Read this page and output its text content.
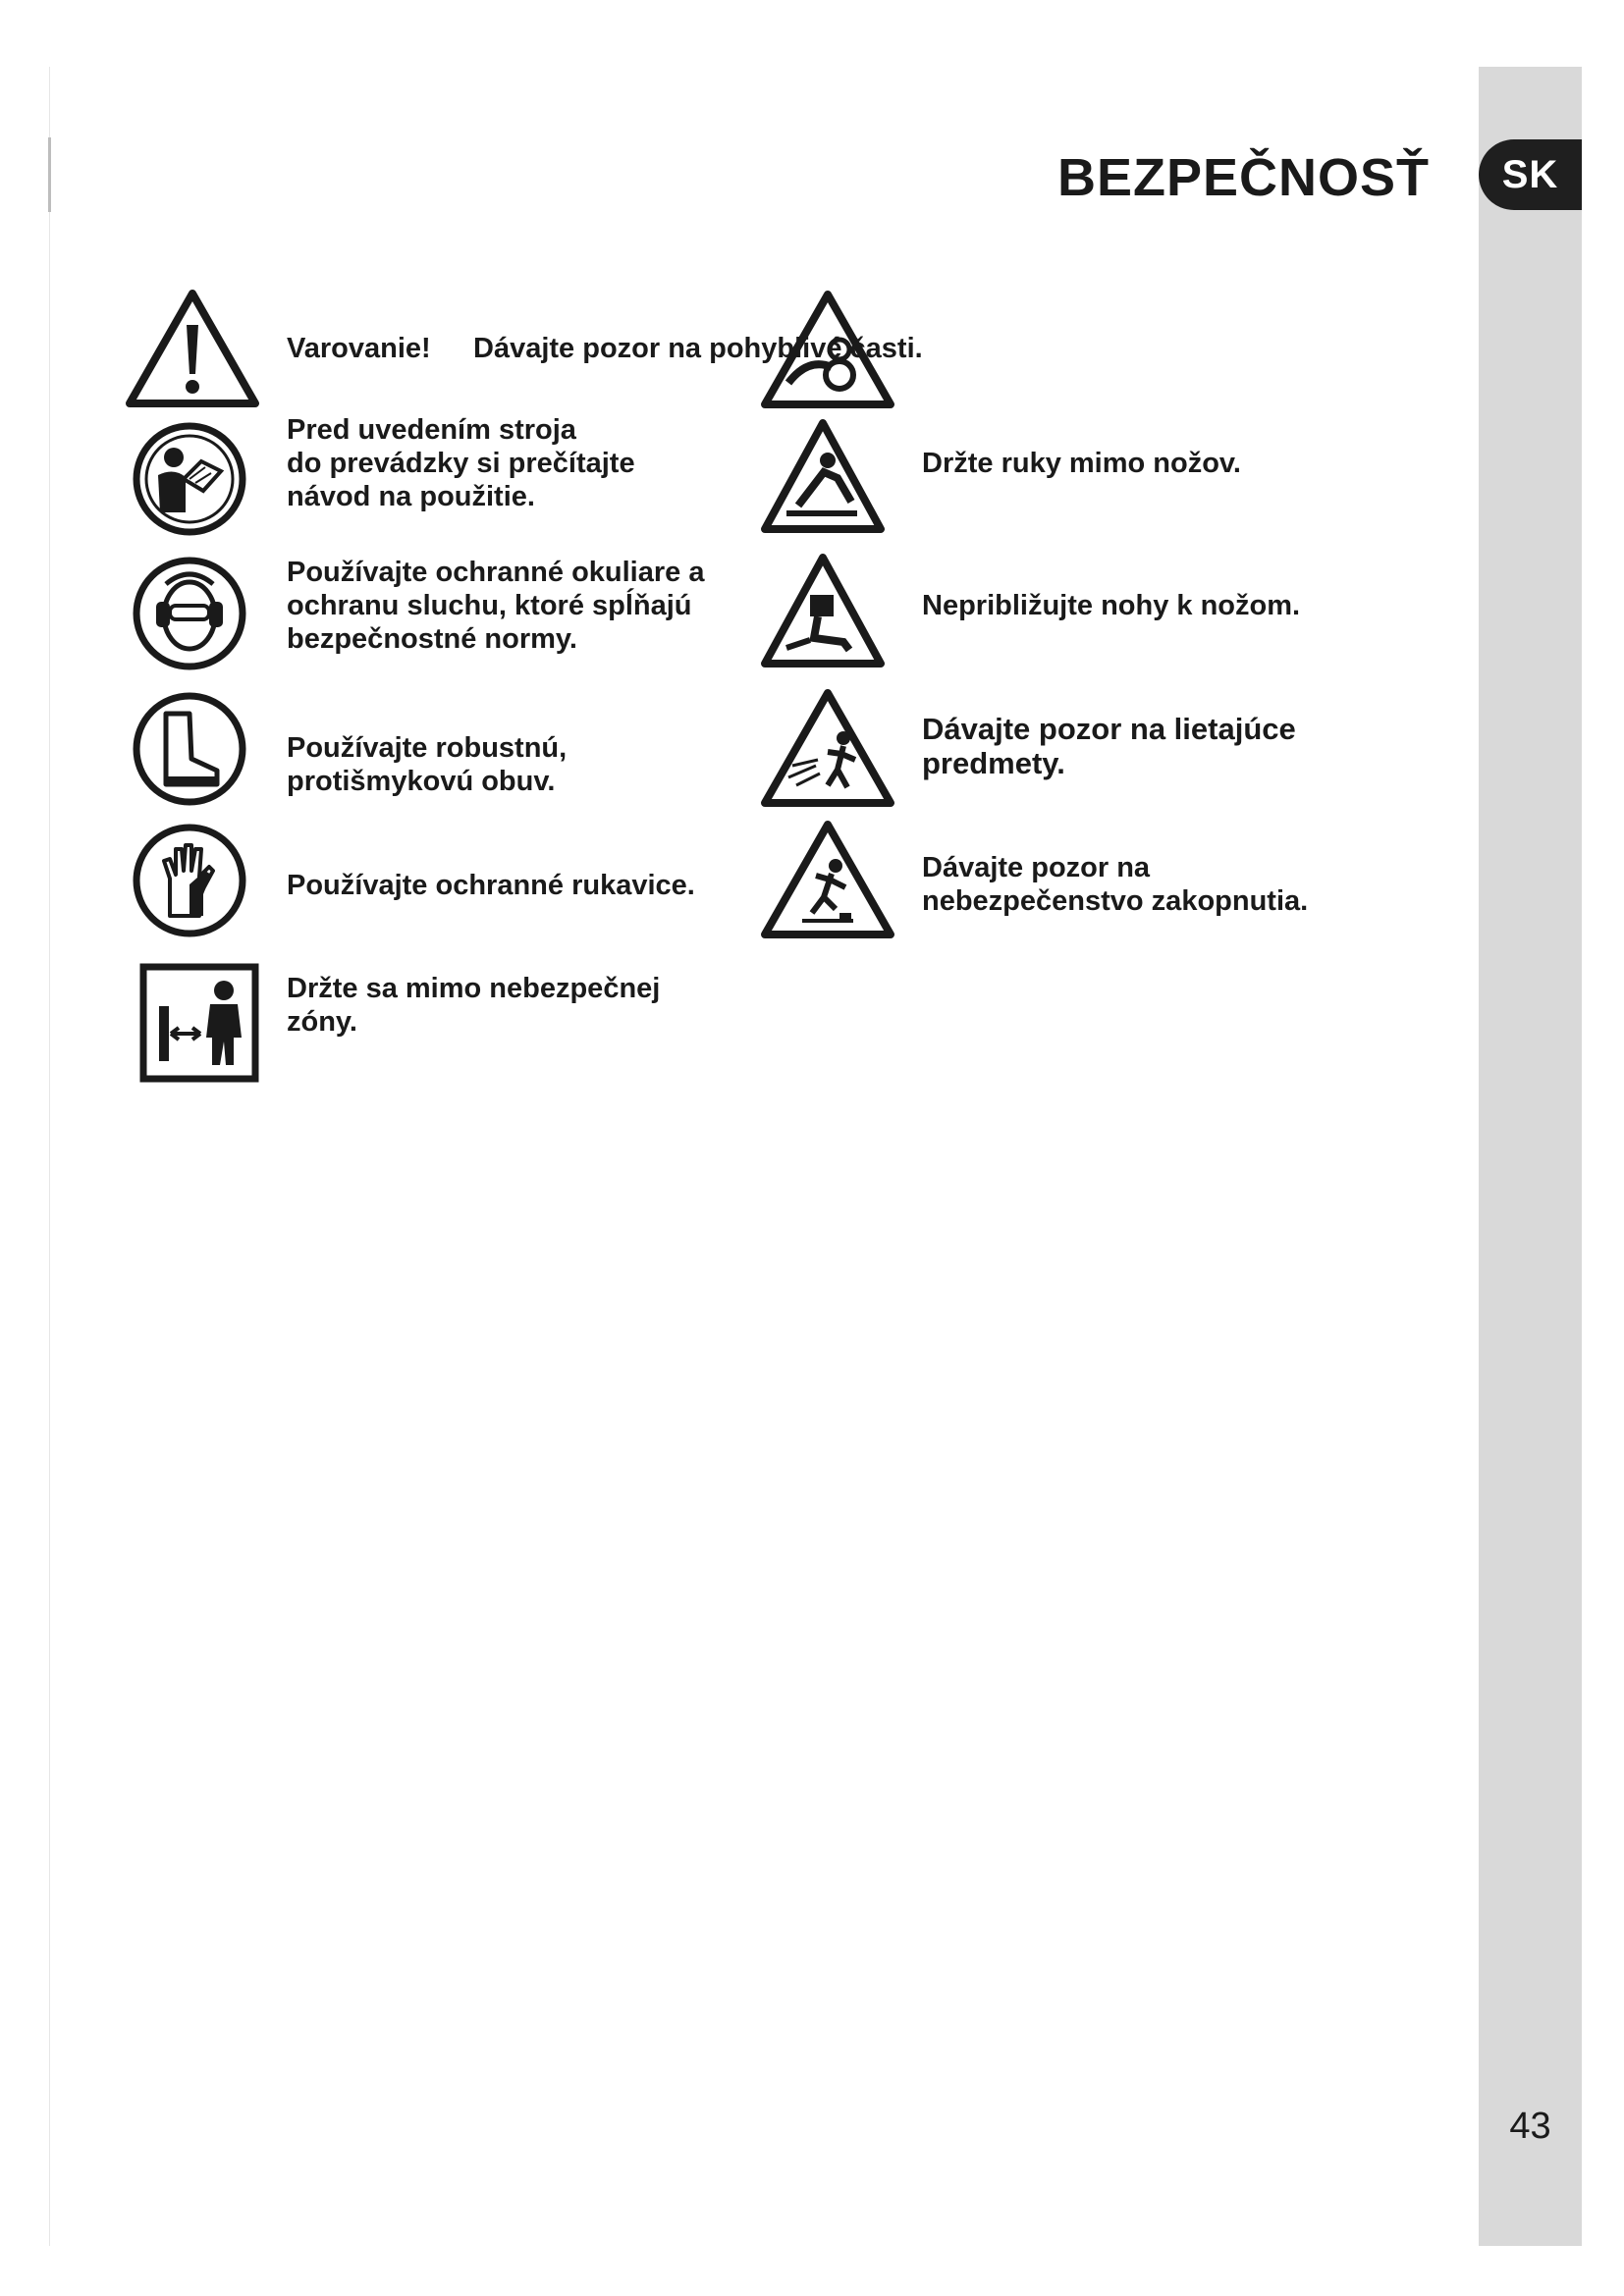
SK
BEZPEČNOSŤ
43
Varovanie!
Pred uvedením stroja
do prevádzky si prečítajte
návod na použitie.
Používajte ochranné okuliare a
ochranu sluchu, ktoré spĺňajú
bezpečnostné normy.
Používajte robustnú,
protišmykovú obuv.
Používajte ochranné rukavice.
Držte sa mimo nebezpečnej
zóny.
Dávajte pozor na pohyblivé časti.
Držte ruky mimo nožov.
Nepribližujte nohy k nožom.
Dávajte pozor na lietajúce
predmety.
Dávajte pozor na
nebezpečenstvo zakopnutia.
